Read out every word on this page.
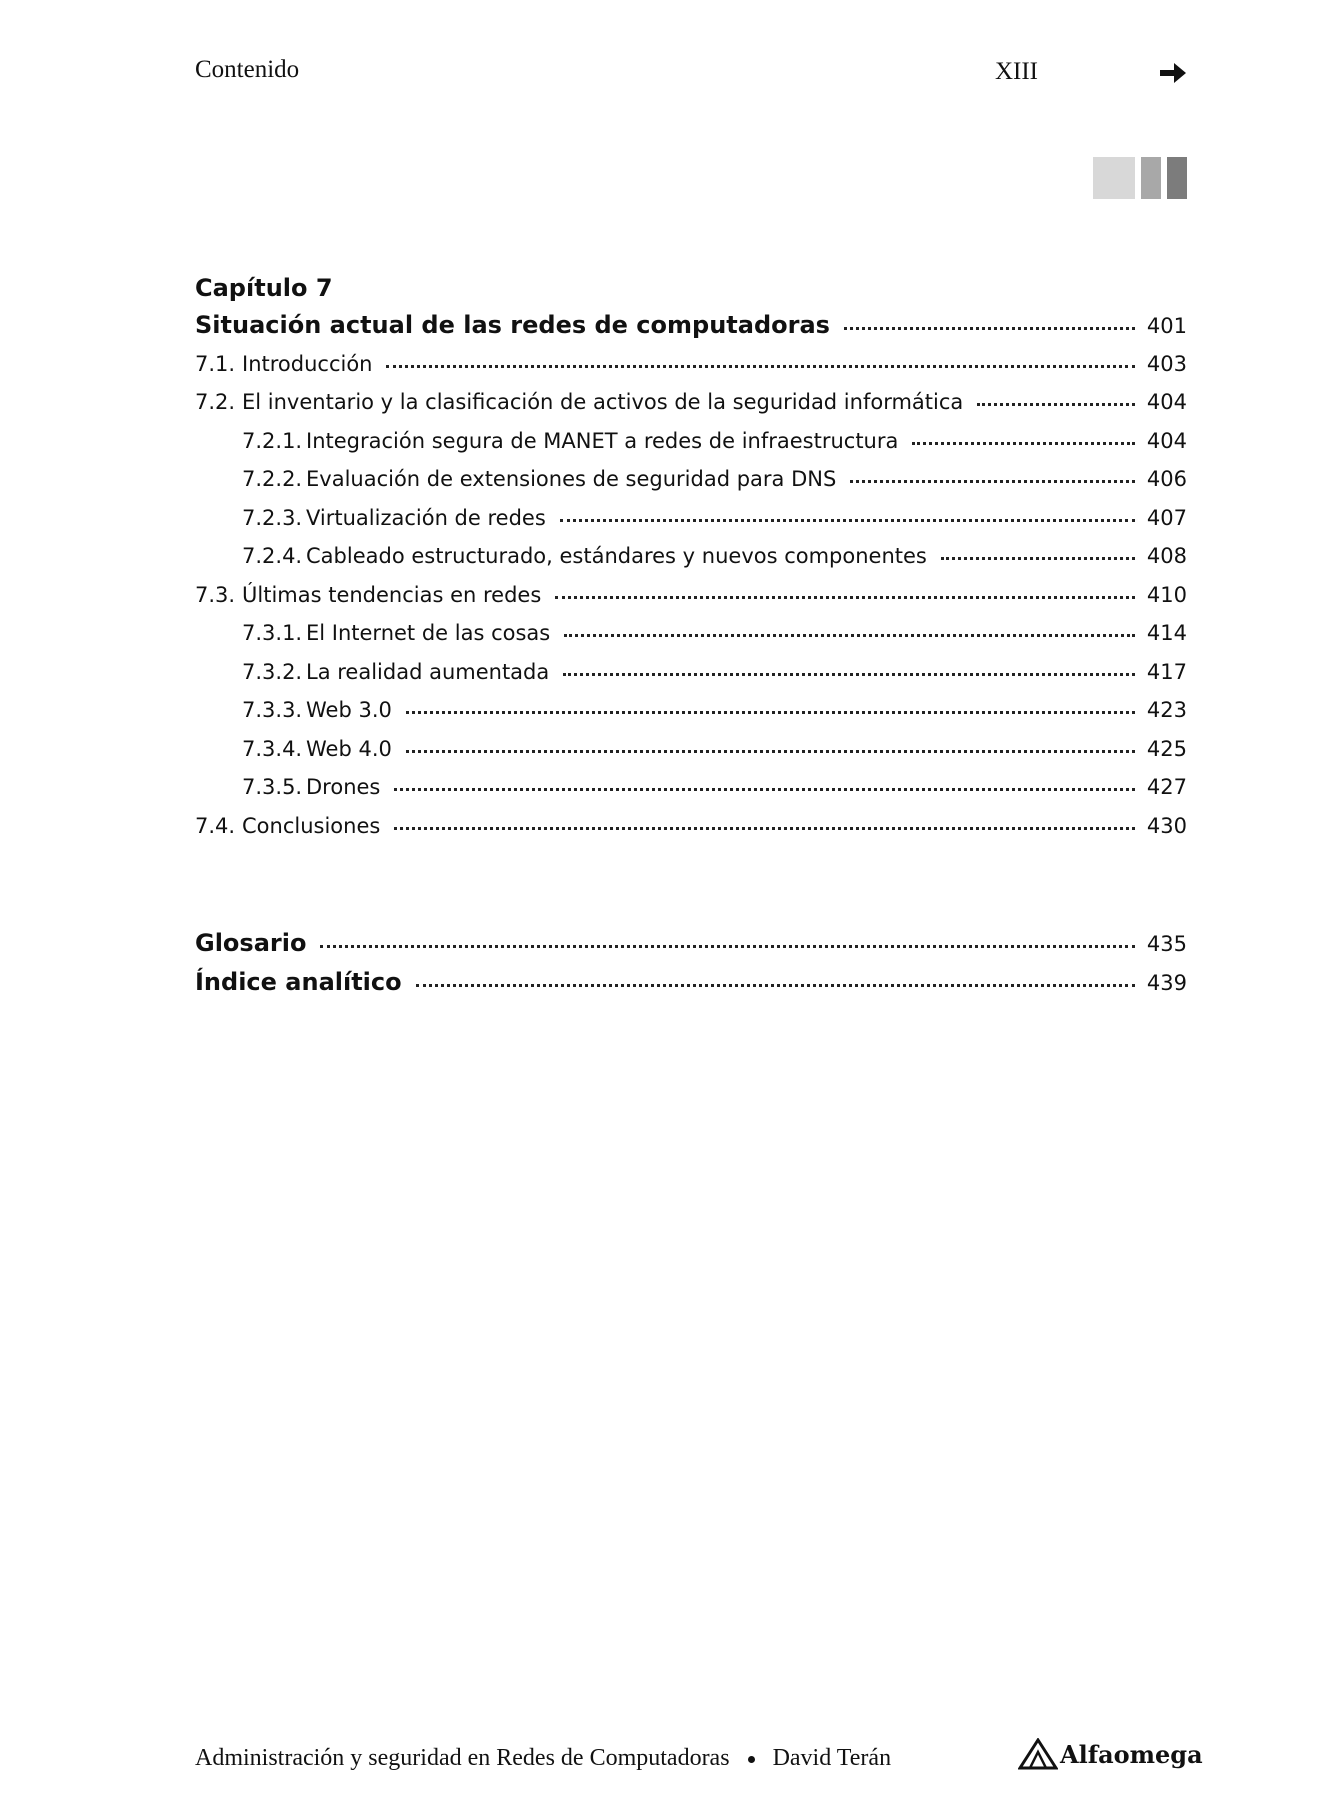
Contenido	XIII
Capítulo 7
Situación actual de las redes de computadoras	401
7.1. Introducción	403
7.2. El inventario y la clasificación de activos de la seguridad informática	404
7.2.1. Integración segura de MANET a redes de infraestructura	404
7.2.2. Evaluación de extensiones de seguridad para DNS	406
7.2.3. Virtualización de redes	407
7.2.4. Cableado estructurado, estándares y nuevos componentes	408
7.3. Últimas tendencias en redes	410
7.3.1. El Internet de las cosas	414
7.3.2. La realidad aumentada	417
7.3.3. Web 3.0	423
7.3.4. Web 4.0	425
7.3.5. Drones	427
7.4. Conclusiones	430
Glosario	435
Índice analítico	439
Administración y seguridad en Redes de Computadoras David Terán	Alfaomega
